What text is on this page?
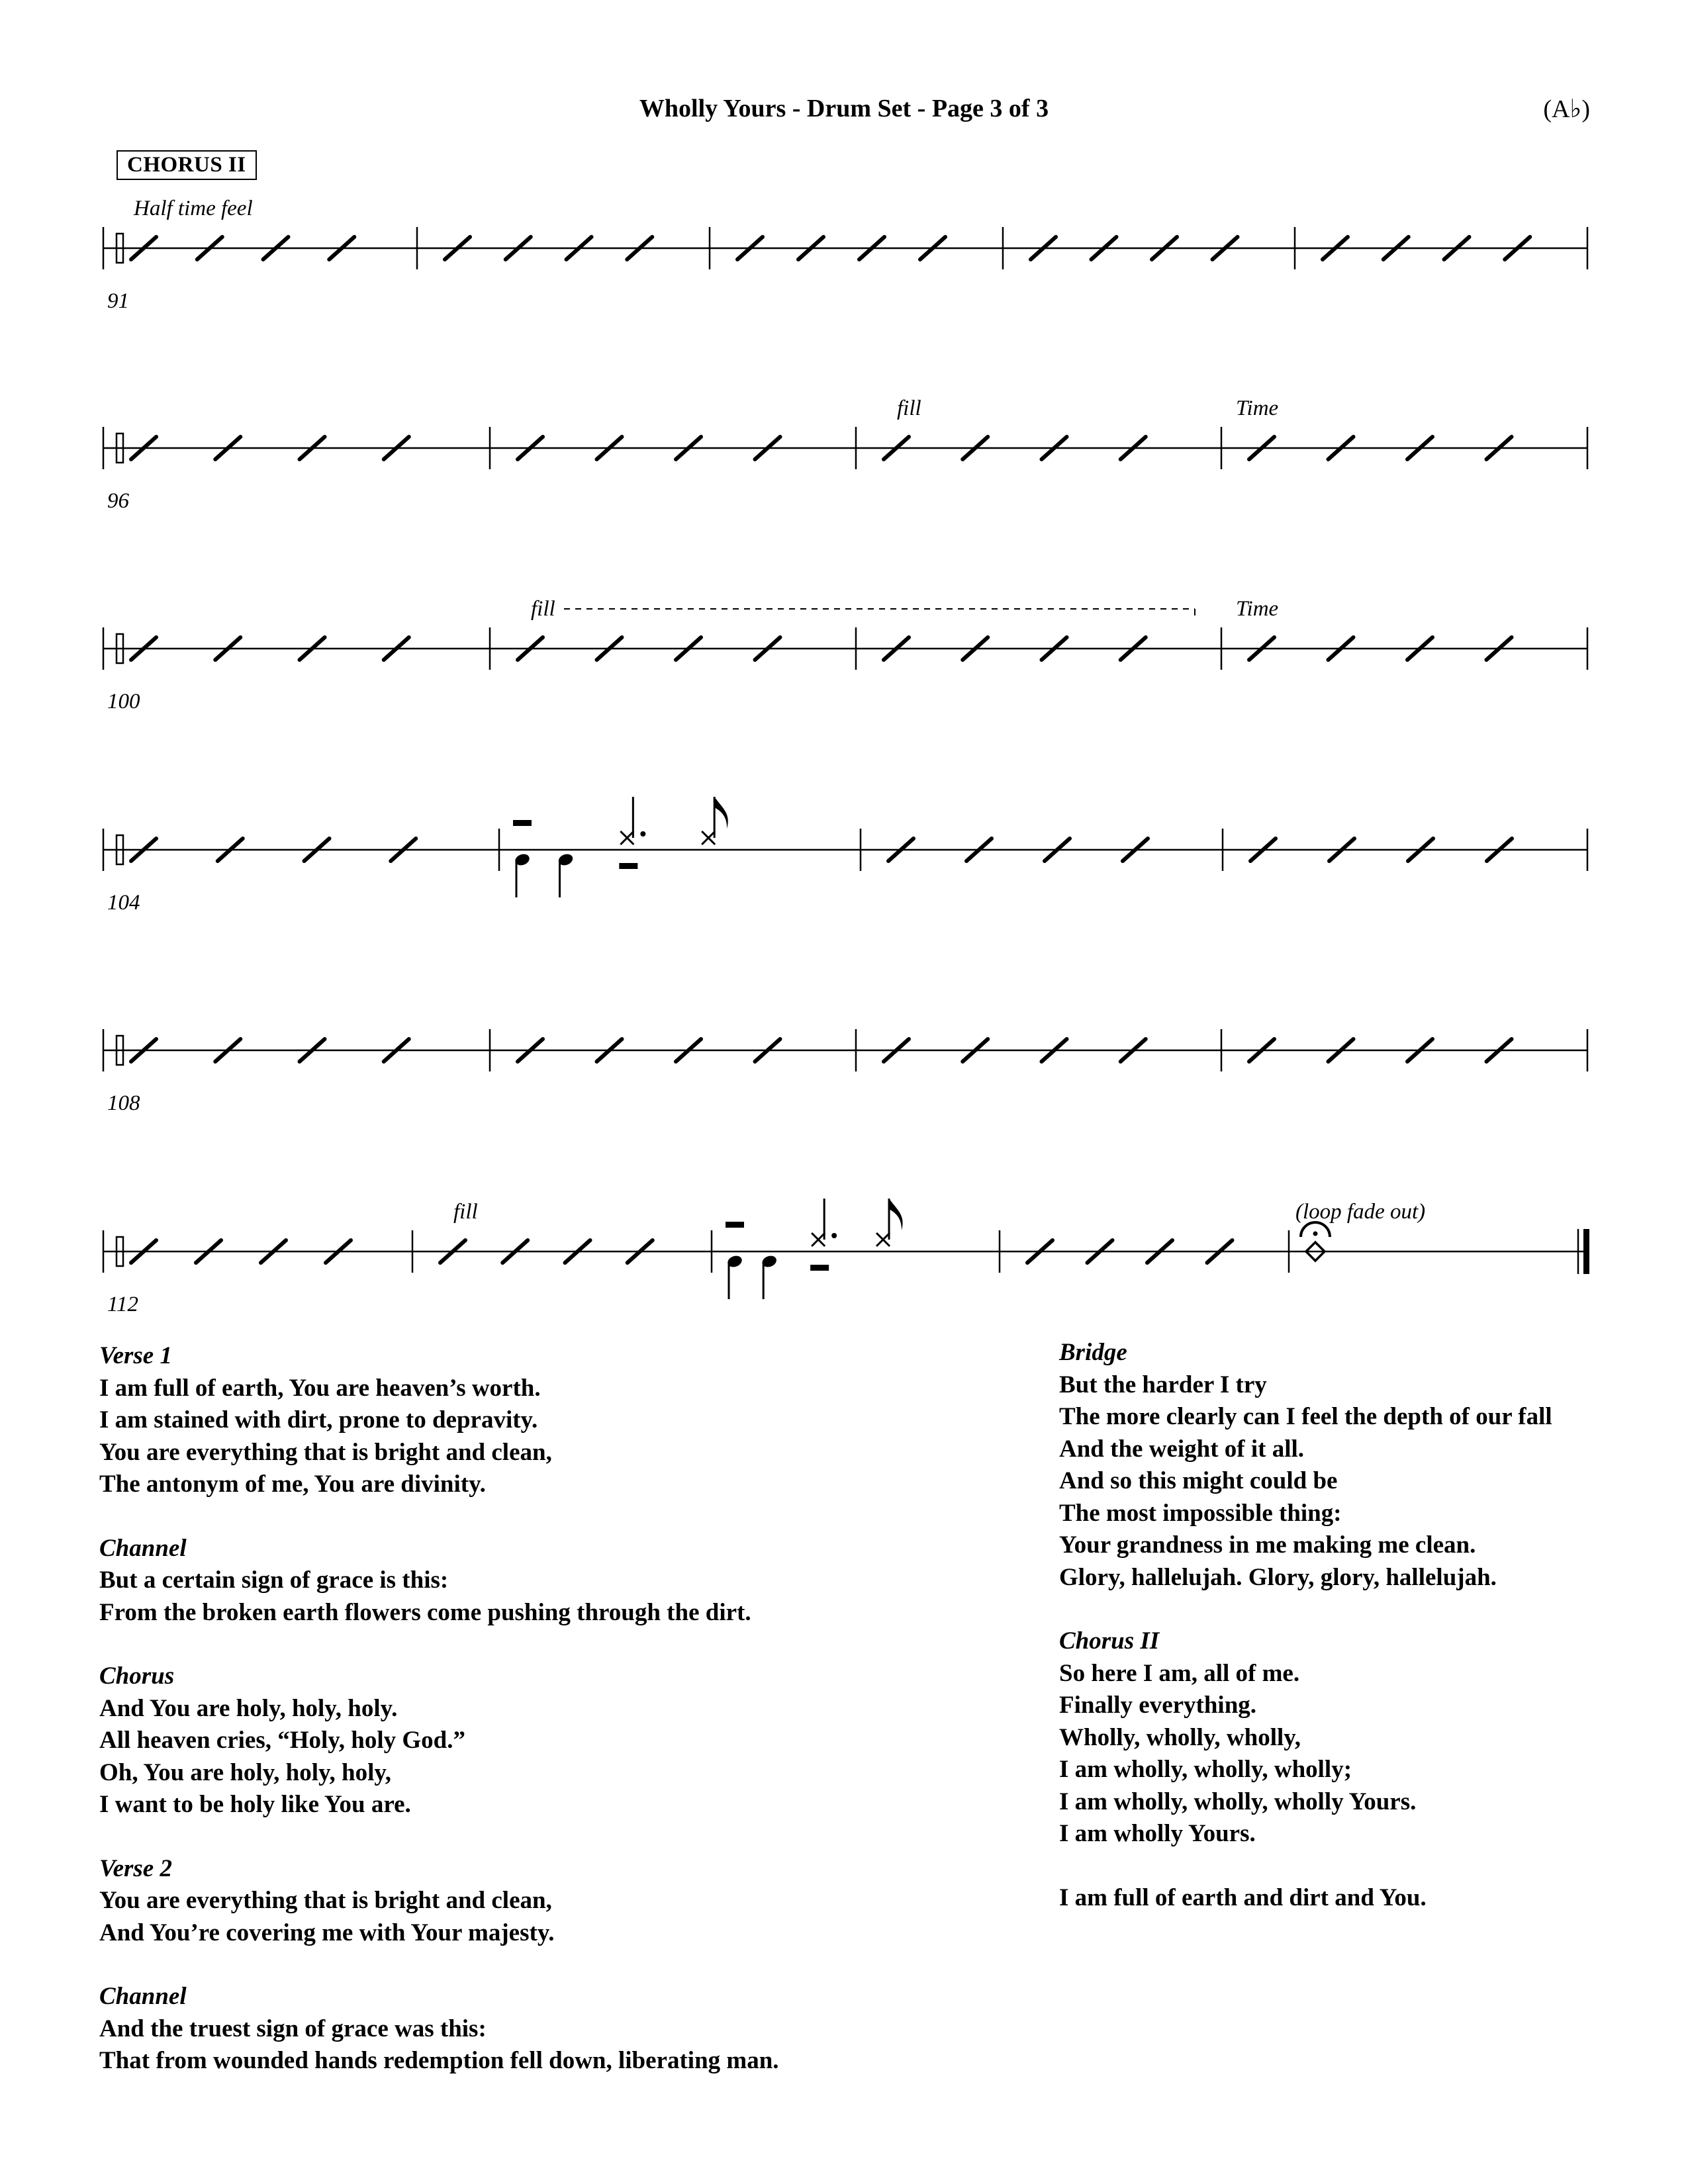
Wholly Yours - Drum Set - Page 3 of 3	(A♭)
CHORUS II
91
Half time feel
96
fill	Time
100
fill	Time
104
108
112
fill	(loop fade out)
Verse 1
I am full of earth, You are heaven’s worth.
I am stained with dirt, prone to depravity.
You are everything that is bright and clean,
The antonym of me, You are divinity.
Channel
But a certain sign of grace is this:
From the broken earth flowers come pushing through the dirt.
Chorus
And You are holy, holy, holy.
All heaven cries, “Holy, holy God.”
Oh, You are holy, holy, holy,
I want to be holy like You are.
Verse 2
You are everything that is bright and clean,
And You’re covering me with Your majesty.
Channel
And the truest sign of grace was this:
That from wounded hands redemption fell down, liberating man.
Bridge
But the harder I try
The more clearly can I feel the depth of our fall
And the weight of it all.
And so this might could be
The most impossible thing:
Your grandness in me making me clean.
Glory, hallelujah. Glory, glory, hallelujah.
Chorus II
So here I am, all of me.
Finally everything.
Wholly, wholly, wholly,
I am wholly, wholly, wholly;
I am wholly, wholly, wholly Yours.
I am wholly Yours.
I am full of earth and dirt and You.
